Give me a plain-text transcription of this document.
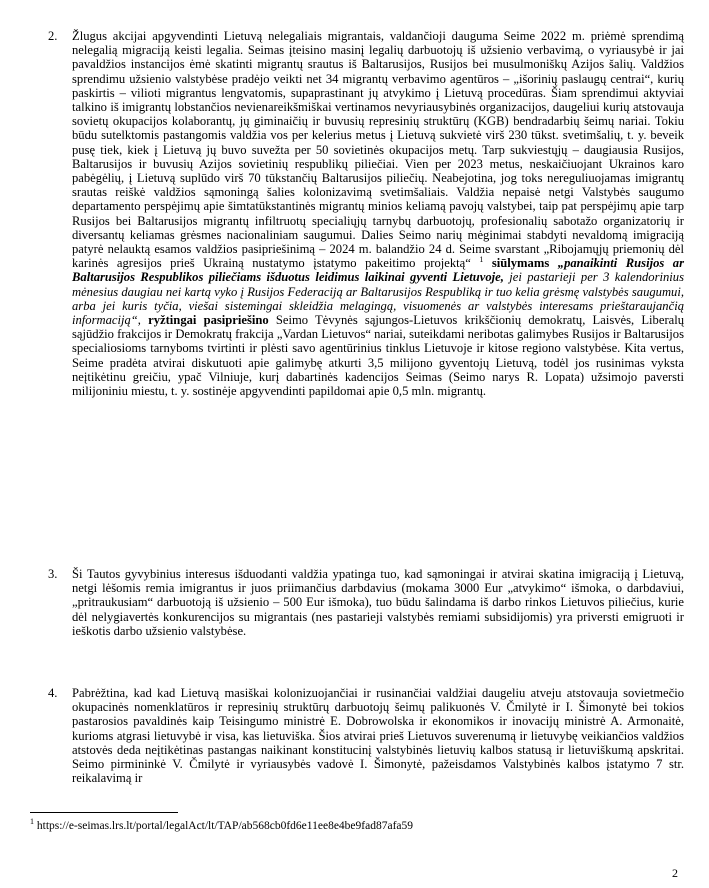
2.	Žlugus akcijai apgyvendinti Lietuvą nelegaliais migrantais, valdančioji dauguma Seime 2022 m. priėmė sprendimą nelegalią migraciją keisti legalia. Seimas įteisino masinį legalių darbuotojų iš užsienio verbavimą, o vyriausybė ir jai pavaldžios instancijos ėmė skatinti migrantų srautus iš Baltarusijos, Rusijos bei musulmoniškų Azijos šalių. Valdžios sprendimu užsienio valstybėse pradėjo veikti net 34 migrantų verbavimo agentūros – „išorinių paslaugų centrai“, kurių paskirtis – vilioti migrantus lengvatomis, supaprastinant jų atvykimo į Lietuvą procedūras. Šiam sprendimui aktyviai talkino iš imigrantų lobstančios nevienareikšmiškai vertinamos nevyriausybinės organizacijos, daugeliui kurių atstovauja sovietų okupacijos kolaborantų, jų giminaičių ir buvusių represinių struktūrų (KGB) bendradarbių šeimų nariai. Tokiu būdu sutelktomis pastangomis valdžia vos per kelerius metus į Lietuvą sukvietė virš 230 tūkst. svetimšalių, t. y. beveik pusę tiek, kiek į Lietuvą jų buvo suvežta per 50 sovietinės okupacijos metų. Tarp sukviestųjų – daugiausia Rusijos, Baltarusijos ir buvusių Azijos sovietinių respublikų piliečiai. Vien per 2023 metus, neskaičiuojant Ukrainos karo pabėgėlių, į Lietuvą suplūdo virš 70 tūkstančių Baltarusijos piliečių. Neabejotina, jog toks nereguliuojamas imigrantų srautas reiškė valdžios sąmoningą šalies kolonizavimą svetimšaliais. Valdžia nepaisė netgi Valstybės saugumo departamento perspėjimų apie šimtatūkstantinės migrantų minios keliamą pavojų valstybei, taip pat perspėjimų apie tarp Rusijos bei Baltarusijos migrantų infiltruotų specialiųjų tarnybų darbuotojų, profesionalių sabotažo organizatorių ir diversantų keliamas grėsmes nacionaliniam saugumui. Dalies Seimo narių mėginimai stabdyti nevaldomą imigraciją patyrė nelauktą esamos valdžios pasipriešinimą – 2024 m. balandžio 24 d. Seime svarstant „Ribojamųjų priemonių dėl karinės agresijos prieš Ukrainą nustatymo įstatymo pakeitimo projektą“ $^1$ siūlymams „panaikinti Rusijos ar Baltarusijos Respublikos piliečiams išduotus leidimus laikinai gyventi Lietuvoje, jei pastarieji per 3 kalendorinius mėnesius daugiau nei kartą vyko į Rusijos Federaciją ar Baltarusijos Respubliką ir tuo kelia grėsmę valstybės saugumui, arba jei kuris tyčia, viešai sistemingai skleidžia melagingą, visuomenės ar valstybės interesams prieštaraujančią informaciją“, ryžtingai pasipriešino Seimo Tėvynės sąjungos-Lietuvos krikščionių demokratų, Laisvės, Liberalų sąjūdžio frakcijos ir Demokratų frakcija „Vardan Lietuvos“ nariai, suteikdami neribotas galimybes Rusijos ir Baltarusijos specialiosioms tarnyboms tvirtinti ir plėsti savo agentūrinius tinklus Lietuvoje ir kitose regiono valstybėse. Kita vertus, Seime pradėta atvirai diskutuoti apie galimybę atkurti 3,5 milijono gyventojų Lietuvą, todėl jos rusinimas vyksta neįtikėtinu greičiu, ypač Vilniuje, kurį dabartinės kadencijos Seimas (Seimo narys R. Lopata) užsimojo paversti milijoniniu miestu, t. y. sostinėje apgyvendinti papildomai apie 0,5 mln. migrantų.
3.	Ši Tautos gyvybinius interesus išduodanti valdžia ypatinga tuo, kad sąmoningai ir atvirai skatina imigraciją į Lietuvą, netgi lėšomis remia imigrantus ir juos priimančius darbdavius (mokama 3000 Eur „atvykimo“ išmoka, o darbdaviui, „pritraukusiam“ darbuotoją iš užsienio – 500 Eur išmoka), tuo būdu šalindama iš darbo rinkos Lietuvos piliečius, kurie dėl nelygiavertės konkurencijos su migrantais (nes pastarieji valstybės remiami subsidijomis) yra priversti emigruoti ir ieškotis darbo užsienio valstybėse.
4.	Pabrėžtina, kad kad Lietuvą masiškai kolonizuojančiai ir rusinančiai valdžiai daugeliu atveju atstovauja sovietmečio okupacinės nomenklatūros ir represinių struktūrų darbuotojų šeimų palikuonės V. Čmilytė ir I. Šimonytė bei tokios pastarosios pavaldinės kaip Teisingumo ministrė E. Dobrowolska ir ekonomikos ir inovacijų ministrė A. Armonaitė, kurioms atgrasi lietuvybė ir visa, kas lietuviška. Šios atvirai prieš Lietuvos suverenumą ir lietuvybę veikiančios valdžios atstovės deda neįtikėtinas pastangas naikinant konstitucinį valstybinės lietuvių kalbos statusą ir lietuviškumą apskritai. Seimo pirmininkė V. Čmilytė ir vyriausybės vadovė I. Šimonytė, pažeisdamos Valstybinės kalbos įstatymo 7 str. reikalavimą ir
$^1$ https://e-seimas.lrs.lt/portal/legalAct/lt/TAP/ab568cb0fd6e11ee8e4be9fad87afa59
2
